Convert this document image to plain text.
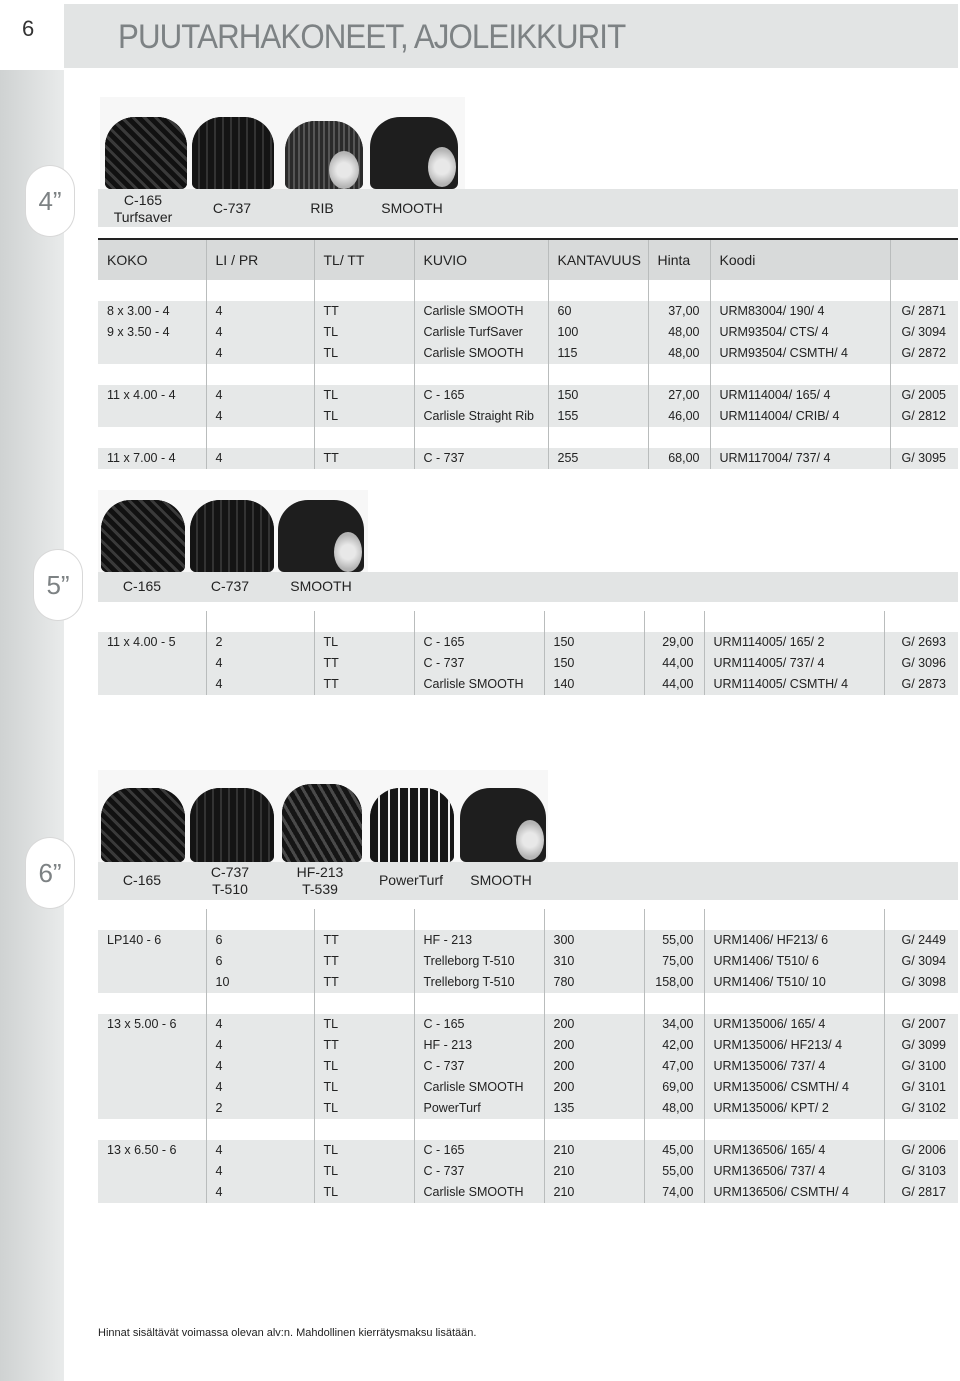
6 PUUTARHAKONEET, AJOLEIKKURIT
4”	C-165
Turfsaver
C-737	RIB	SMOOTH
KOKO	LI / PR	TL/ TT	KUVIO	KANTAVUUS	Hinta	Koodi	

8 x 3.00 - 4	4	TT	Carlisle SMOOTH	60	37,00	URM83004/ 190/ 4	G/ 2871
9 x 3.50 - 4	4	TL	Carlisle TurfSaver	100	48,00	URM93504/ CTS/ 4	G/ 3094
	4	TL	Carlisle SMOOTH	115	48,00	URM93504/ CSMTH/ 4	G/ 2872

11 x 4.00 - 4	4	TL	C - 165	150	27,00	URM114004/ 165/ 4	G/ 2005
	4	TL	Carlisle Straight Rib	155	46,00	URM114004/ CRIB/ 4	G/ 2812

11 x 7.00 - 4	4	TT	C - 737	255	68,00	URM117004/ 737/ 4	G/ 3095
5”	C-165	C-737	SMOOTH

11 x 4.00 - 5	2	TL	C - 165	150	29,00	URM114005/ 165/ 2	G/ 2693
	4	TT	C - 737	150	44,00	URM114005/ 737/ 4	G/ 3096
	4	TT	Carlisle SMOOTH	140	44,00	URM114005/ CSMTH/ 4	G/ 2873
6”	C-165	C-737
T-510
HF-213
T-539
PowerTurf	SMOOTH

LP140 - 6	6	TT	HF - 213	300	55,00	URM1406/ HF213/ 6	G/ 2449
	6	TT	Trelleborg T-510	310	75,00	URM1406/ T510/ 6	G/ 3094
	10	TT	Trelleborg T-510	780	158,00	URM1406/ T510/ 10	G/ 3098

13 x 5.00 - 6	4	TL	C - 165	200	34,00	URM135006/ 165/ 4	G/ 2007
	4	TT	HF - 213	200	42,00	URM135006/ HF213/ 4	G/ 3099
	4	TL	C - 737	200	47,00	URM135006/ 737/ 4	G/ 3100
	4	TL	Carlisle SMOOTH	200	69,00	URM135006/ CSMTH/ 4	G/ 3101
	2	TL	PowerTurf	135	48,00	URM135006/ KPT/ 2	G/ 3102

13 x 6.50 - 6	4	TL	C - 165	210	45,00	URM136506/ 165/ 4	G/ 2006
	4	TL	C - 737	210	55,00	URM136506/ 737/ 4	G/ 3103
	4	TL	Carlisle SMOOTH	210	74,00	URM136506/ CSMTH/ 4	G/ 2817
Hinnat sisältävät voimassa olevan alv:n. Mahdollinen kierrätysmaksu lisätään.
